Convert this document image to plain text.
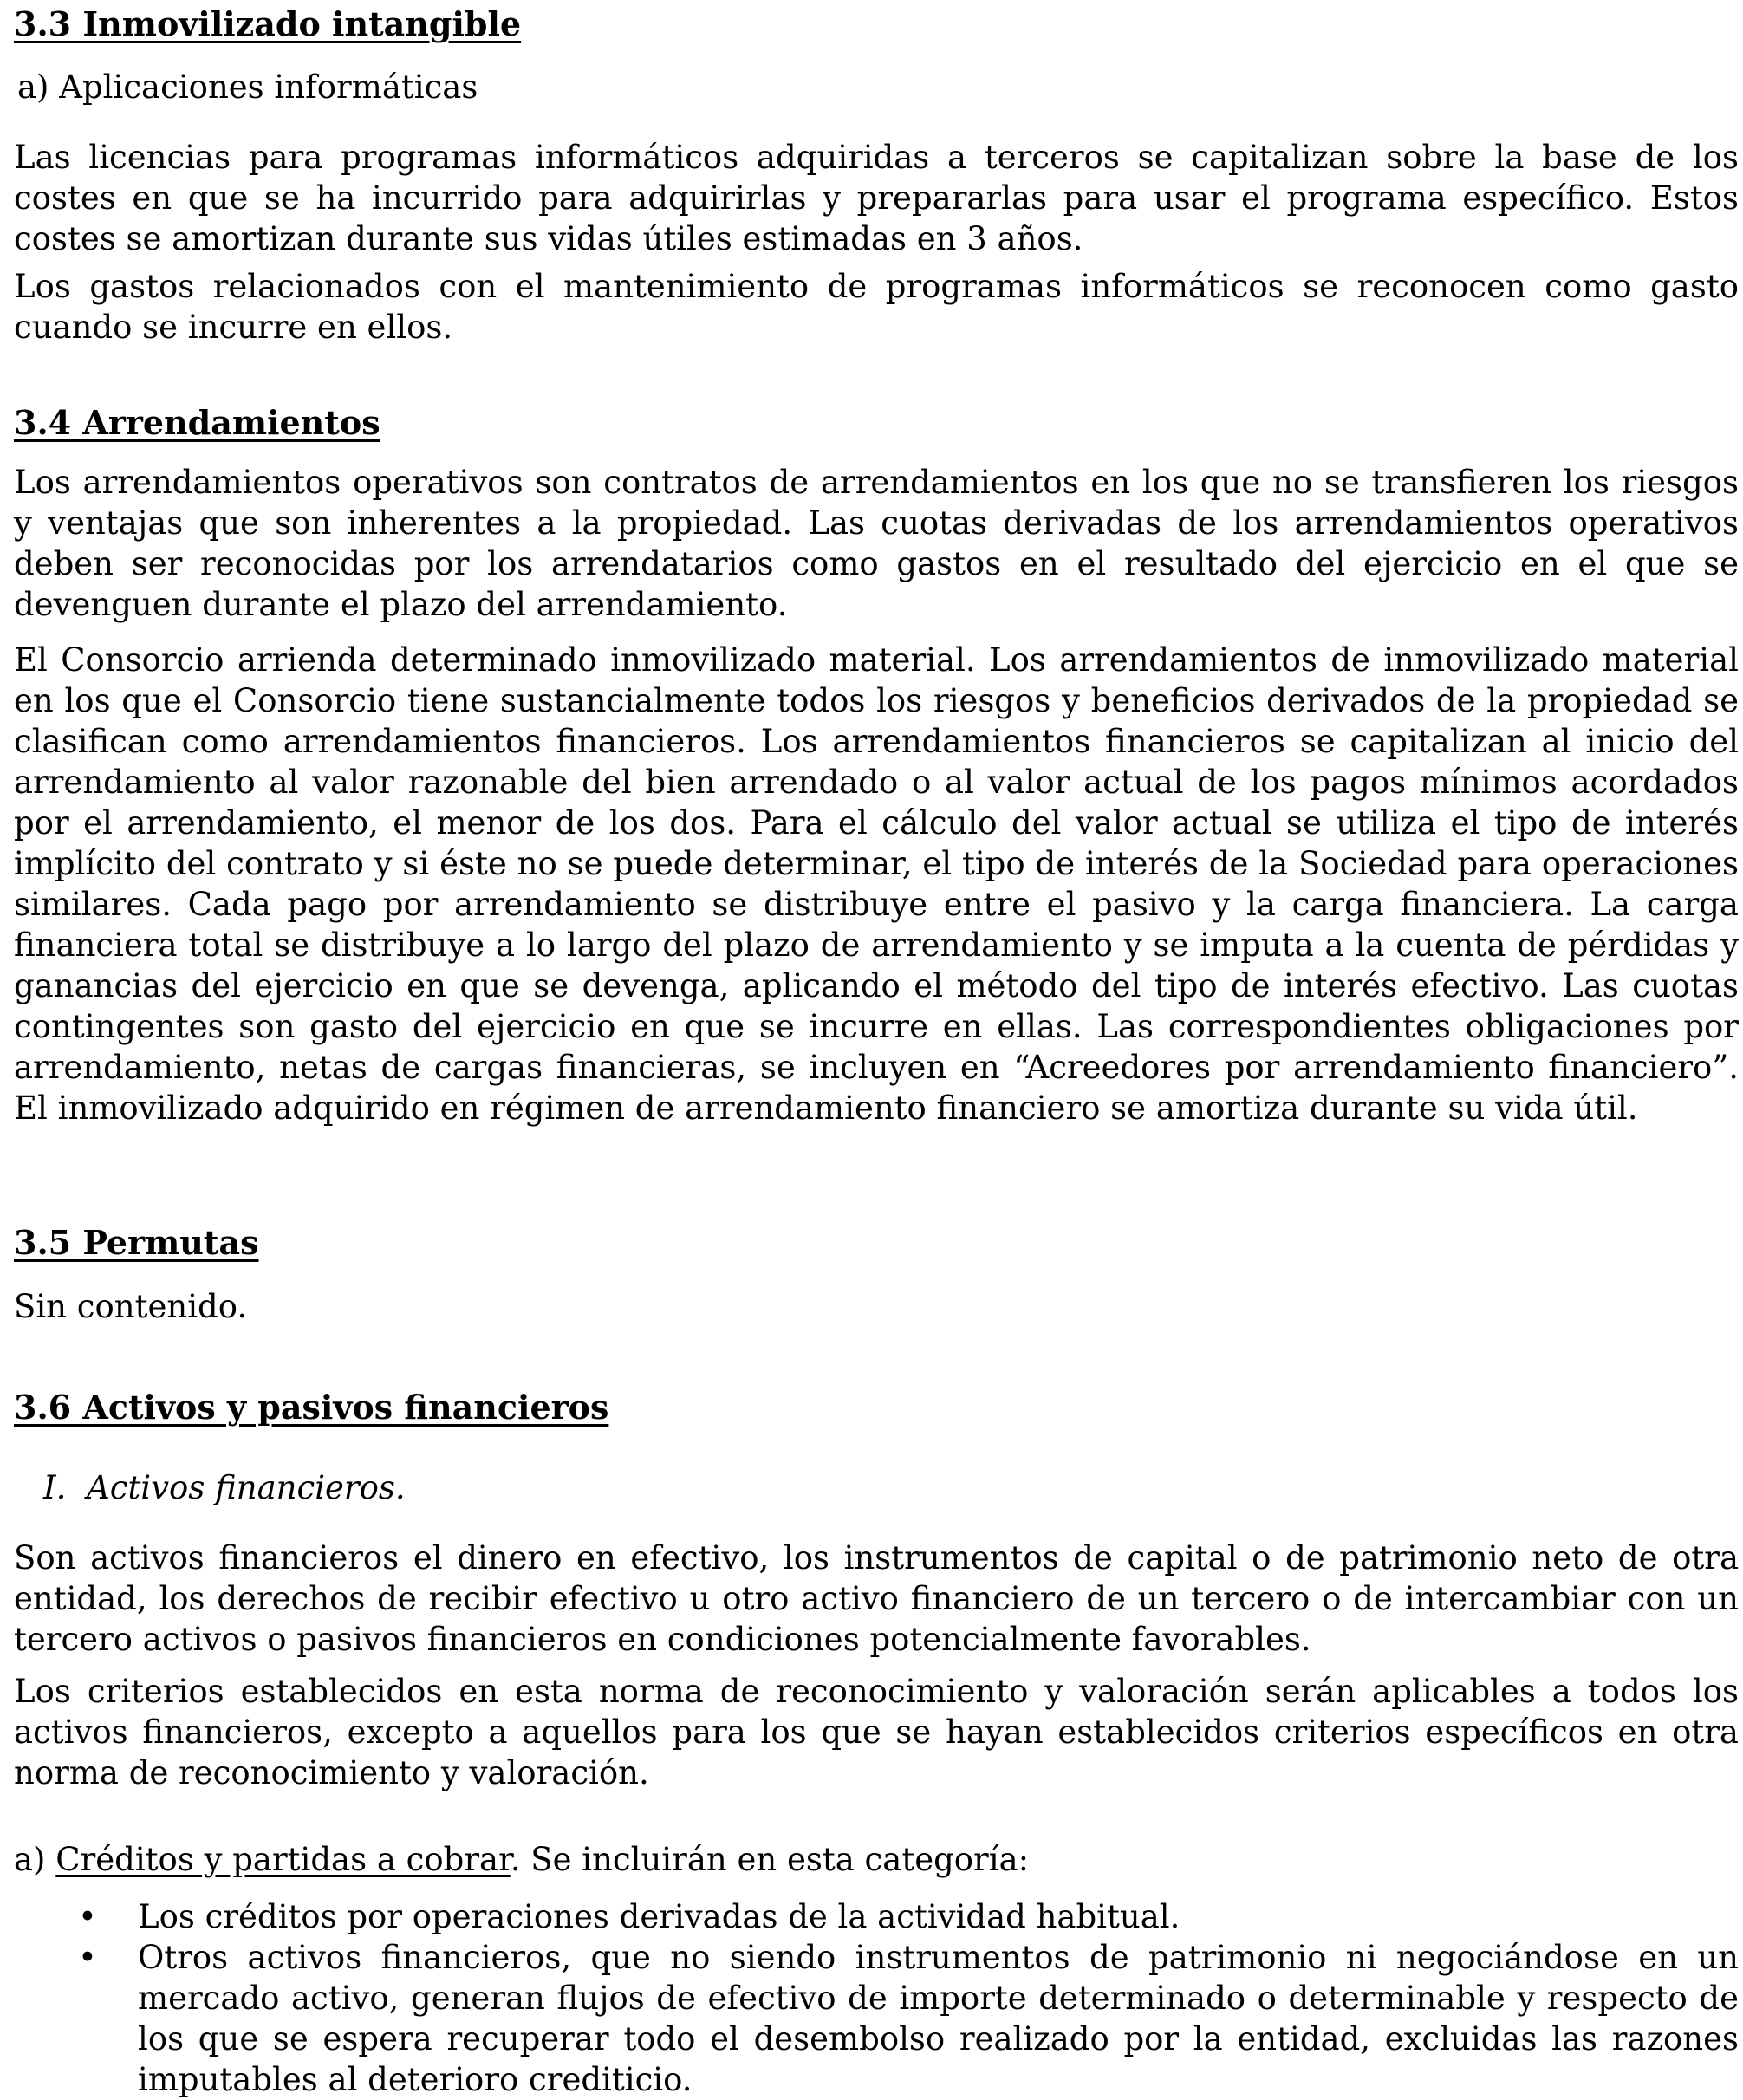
3.3 Inmovilizado intangible
a) Aplicaciones informáticas
Las licencias para programas informáticos adquiridas a terceros se capitalizan sobre la base de los costes en que se ha incurrido para adquirirlas y prepararlas para usar el programa específico. Estos costes se amortizan durante sus vidas útiles estimadas en 3 años.
Los gastos relacionados con el mantenimiento de programas informáticos se reconocen como gasto cuando se incurre en ellos.
3.4 Arrendamientos
Los arrendamientos operativos son contratos de arrendamientos en los que no se transfieren los riesgos y ventajas que son inherentes a la propiedad. Las cuotas derivadas de los arrendamientos operativos deben ser reconocidas por los arrendatarios como gastos en el resultado del ejercicio en el que se devenguen durante el plazo del arrendamiento.
El Consorcio arrienda determinado inmovilizado material. Los arrendamientos de inmovilizado material en los que el Consorcio tiene sustancialmente todos los riesgos y beneficios derivados de la propiedad se clasifican como arrendamientos financieros. Los arrendamientos financieros se capitalizan al inicio del arrendamiento al valor razonable del bien arrendado o al valor actual de los pagos mínimos acordados por el arrendamiento, el menor de los dos. Para el cálculo del valor actual se utiliza el tipo de interés implícito del contrato y si éste no se puede determinar, el tipo de interés de la Sociedad para operaciones similares. Cada pago por arrendamiento se distribuye entre el pasivo y la carga financiera. La carga financiera total se distribuye a lo largo del plazo de arrendamiento y se imputa a la cuenta de pérdidas y ganancias del ejercicio en que se devenga, aplicando el método del tipo de interés efectivo. Las cuotas contingentes son gasto del ejercicio en que se incurre en ellas. Las correspondientes obligaciones por arrendamiento, netas de cargas financieras, se incluyen en “Acreedores por arrendamiento financiero”. El inmovilizado adquirido en régimen de arrendamiento financiero se amortiza durante su vida útil.
3.5 Permutas
Sin contenido.
3.6 Activos y pasivos financieros
I. Activos financieros.
Son activos financieros el dinero en efectivo, los instrumentos de capital o de patrimonio neto de otra entidad, los derechos de recibir efectivo u otro activo financiero de un tercero o de intercambiar con un tercero activos o pasivos financieros en condiciones potencialmente favorables.
Los criterios establecidos en esta norma de reconocimiento y valoración serán aplicables a todos los activos financieros, excepto a aquellos para los que se hayan establecidos criterios específicos en otra norma de reconocimiento y valoración.
a) Créditos y partidas a cobrar. Se incluirán en esta categoría:
• Los créditos por operaciones derivadas de la actividad habitual.
• Otros activos financieros, que no siendo instrumentos de patrimonio ni negociándose en un mercado activo, generan flujos de efectivo de importe determinado o determinable y respecto de los que se espera recuperar todo el desembolso realizado por la entidad, excluidas las razones imputables al deterioro crediticio.
